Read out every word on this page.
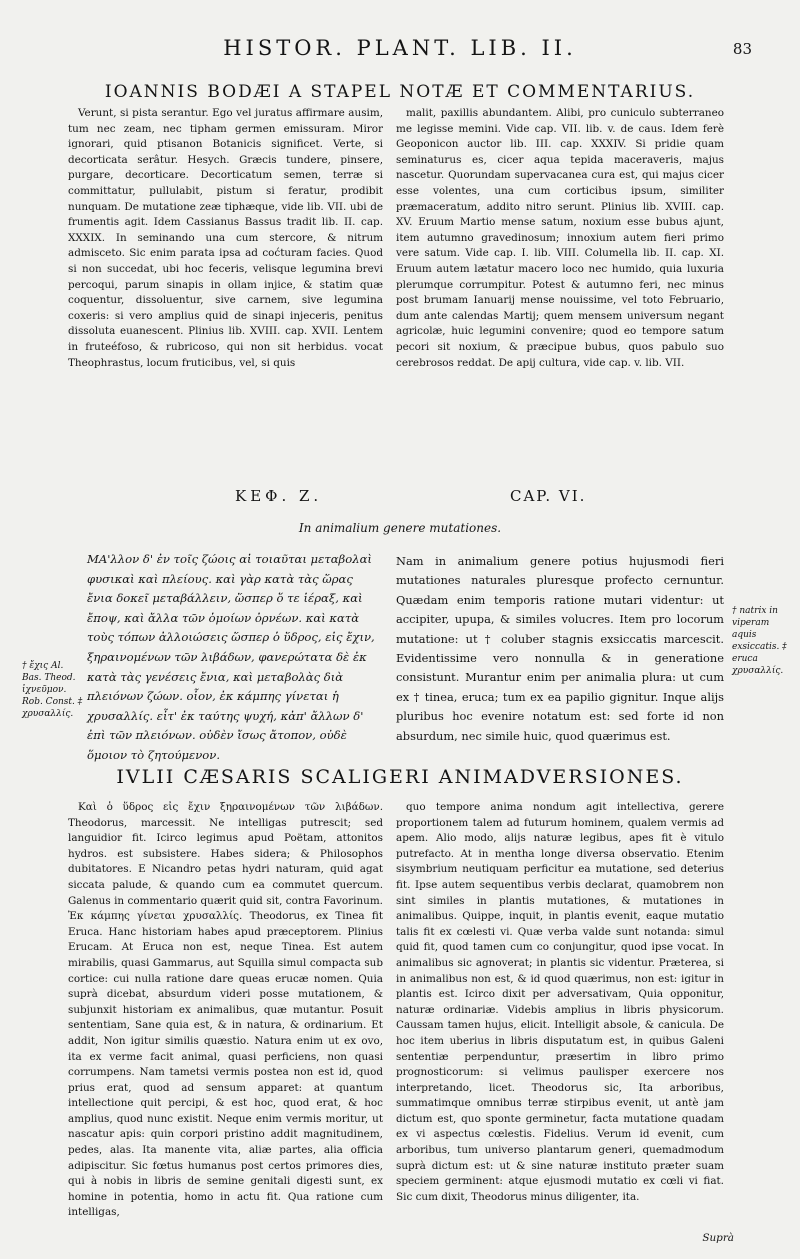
HISTOR. PLANT. LIB. II.	83
IOANNIS BODÆI A STAPEL NOTÆ ET COMMENTARIUS.

Verunt, si pista serantur. Ego vel juratus affirmare ausim, tum nec zeam, nec tipham germen emissuram. Miror ignorari, quid ptisanon Botanicis significet. Verte, si decorticata serâtur. Hesych. Græcis tundere, pinsere, purgare, decorticare. Decorticatum semen, terræ si committatur, pullulabit, pistum si feratur, prodibit nunquam. De mutatione zeæ tiphæque, vide lib. VII. ubi de frumentis agit. Idem Cassianus Bassus tradit lib. II. cap. XXXIX. In seminando una cum stercore, & nitrum admisceto. Sic enim parata ipsa ad coćturam facies. Quod si non succedat, ubi hoc feceris, velisque legumina brevi percoqui, parum sinapis in ollam injice, & statim quæ coquentur, dissoluentur, sive carnem, sive legumina coxeris: si vero amplius quid de sinapi injeceris, penitus dissoluta euanescent. Plinius lib. XVIII. cap. XVII. Lentem in fruteéfoso, & rubricoso, qui non sit herbidus. vocat Theophrastus, locum fruticibus, vel, si quis

malit, paxillis abundantem. Alibi, pro cuniculo subterraneo me legisse memini. Vide cap. VII. lib. v. de caus. Idem ferè Geoponicon auctor lib. III. cap. XXXIV. Si pridie quam seminaturus es, cicer aqua tepida maceraveris, majus nascetur. Quorundam supervacanea cura est, qui majus cicer esse volentes, una cum corticibus ipsum, similiter præmaceratum, addito nitro serunt. Plinius lib. XVIII. cap. XV. Eruum Martio mense satum, noxium esse bubus ajunt, item autumno gravedinosum; innoxium autem fieri primo vere satum. Vide cap. I. lib. VIII. Columella lib. II. cap. XI. Eruum autem lætatur macero loco nec humido, quia luxuria plerumque corrumpitur. Potest & autumno feri, nec minus post brumam Ianuarij mense nouissime, vel toto Februario, dum ante calendas Martij; quem mensem universum negant agricolæ, huic legumini convenire; quod eo tempore satum pecori sit noxium, & præcipue bubus, quos pabulo suo cerebrosos reddat. De apij cultura, vide cap. v. lib. VII.

ΚΕΦ. Ζ.	CAP. VI.
In animalium genere mutationes.
ΜΑ'λλον δ' ἐν τοῖς ζώοις αἱ τοιαῦται μεταβολαὶ φυσικαὶ καὶ πλείους. καὶ γὰρ κατὰ τὰς ὥρας ἔνια δοκεῖ μεταβάλλειν, ὥσπερ ὅ τε ἱέραξ, καὶ ἔποψ, καὶ ἄλλα τῶν ὁμοίων ὀρνέων. καὶ κατὰ τοὺς τόπων ἀλλοιώσεις ὥσπερ ὁ ὕδρος, εἰς ἔχιν, ξηραινομένων τῶν λιβάδων, φανερώτατα δὲ ἐκ κατὰ τὰς γενέσεις ἔνια, καὶ μεταβολὰς διὰ πλειόνων ζώων. οἷον, ἐκ κάμπης γίνεται ἡ χρυσαλλίς. εἶτ' ἐκ ταύτης ψυχή, κἀπ' ἄλλων δ' ἐπὶ τῶν πλειόνων. οὐδὲν ἴσως ἄτοπον, οὐδὲ ὅμοιον τὸ ζητούμενον.
Nam in animalium genere potius hujusmodi fieri mutationes naturales pluresque profecto cernuntur. Quædam enim temporis ratione mutari videntur: ut accipiter, upupa, & similes volucres. Item pro locorum mutatione: ut † coluber stagnis exsiccatis marcescit. Evidentissime vero nonnulla & in generatione consistunt. Murantur enim per animalia plura: ut cum ex † tinea, eruca; tum ex ea papilio gignitur. Inque alijs pluribus hoc evenire notatum est: sed forte id non absurdum, nec simile huic, quod quærimus est.
† ἔχις Al. Bas. Theod. ἰχνεῦμον. Rob. Const. ‡ χρυσαλλίς.
† natrix in viperam aquis exsiccatis. ‡ eruca χρυσαλλίς.
IVLII CÆSARIS SCALIGERI ANIMADVERSIONES.

Kαὶ ὁ ὕδρος εἰς ἔχιν ξηραινομένων τῶν λιβάδων. Theodorus, marcessit. Ne intelligas putrescit; sed languidior fit. Icirco legimus apud Poëtam, attonitos hydros. est subsistere. Habes sidera; & Philosophos dubitatores. E Nicandro petas hydri naturam, quid agat siccata palude, & quando cum ea commutet quercum. Galenus in commentario quærit quid sit, contra Favorinum. Ἐκ κάμπης γίνεται χρυσαλλίς. Theodorus, ex Tinea fit Eruca. Hanc historiam habes apud præceptorem. Plinius Erucam. At Eruca non est, neque Tinea. Est autem mirabilis, quasi Gammarus, aut Squilla simul compacta sub cortice: cui nulla ratione dare queas erucæ nomen. Quia suprà dicebat, absurdum videri posse mutationem, & subjunxit historiam ex animalibus, quæ mutantur. Posuit sententiam, Sane quia est, & in natura, & ordinarium. Et addit, Non igitur similis quæstio. Natura enim ut ex ovo, ita ex verme facit animal, quasi perficiens, non quasi corrumpens. Nam tametsi vermis postea non est id, quod prius erat, quod ad sensum apparet: at quantum intellectione quit percipi, & est hoc, quod erat, & hoc amplius, quod nunc existit. Neque enim vermis moritur, ut nascatur apis: quin corpori pristino addit magnitudinem, pedes, alas. Ita manente vita, aliæ partes, alia officia adipiscitur. Sic fœtus humanus post certos primores dies, qui à nobis in libris de semine genitali digesti sunt, ex homine in potentia, homo in actu fit. Qua ratione cum intelligas,

quo tempore anima nondum agit intellectiva, gerere proportionem talem ad futurum hominem, qualem vermis ad apem. Alio modo, alijs naturæ legibus, apes fit è vitulo putrefacto. At in mentha longe diversa observatio. Etenim sisymbrium neutiquam perficitur ea mutatione, sed deterius fit. Ipse autem sequentibus verbis declarat, quamobrem non sint similes in plantis mutationes, & mutationes in animalibus. Quippe, inquit, in plantis evenit, eaque mutatio talis fit ex cœlesti vi. Quæ verba valde sunt notanda: simul quid fit, quod tamen cum co conjungitur, quod ipse vocat. In animalibus sic agnoverat; in plantis sic videntur. Præterea, si in animalibus non est, & id quod quærimus, non est: igitur in plantis est. Icirco dixit per adversativam, Quia opponitur, naturæ ordinariæ. Videbis amplius in libris physicorum. Caussam tamen hujus, elicit. Intelligit absole, & canicula. De hoc item uberius in libris disputatum est, in quibus Galeni sententiæ perpenduntur, præsertim in libro primo prognosticorum: si velimus paulisper exercere nos interpretando, licet. Theodorus sic, Ita arboribus, summatimque omnibus terræ stirpibus evenit, ut antè jam dictum est, quo sponte germinetur, facta mutatione quadam ex vi aspectus cœlestis. Fidelius. Verum id evenit, cum arboribus, tum universo plantarum generi, quemadmodum suprà dictum est: ut & sine naturæ instituto præter suam speciem germinent: atque ejusmodi mutatio ex cœli vi fiat. Sic cum dixit, Theodorus minus diligenter, ita.

Suprà
